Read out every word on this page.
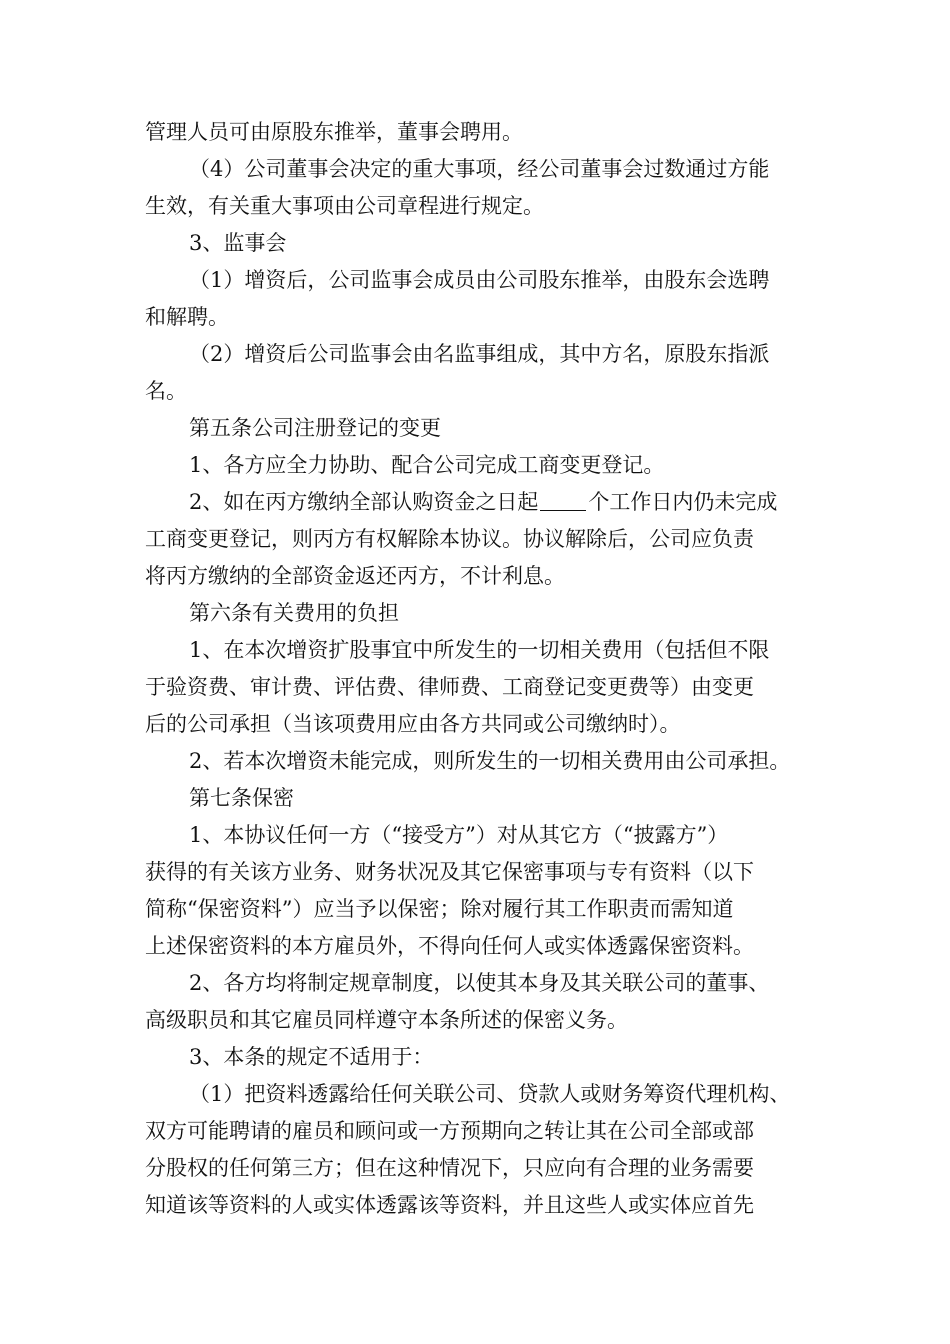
管理人员可由原股东推举，董事会聘用。
（4）公司董事会决定的重大事项，经公司董事会过数通过方能
生效，有关重大事项由公司章程进行规定。
3、监事会
（1）增资后，公司监事会成员由公司股东推举，由股东会选聘
和解聘。
（2）增资后公司监事会由名监事组成，其中方名，原股东指派
名。
第五条公司注册登记的变更
1、各方应全力协助、配合公司完成工商变更登记。
2、如在丙方缴纳全部认购资金之日起 个工作日内仍未完成
工商变更登记，则丙方有权解除本协议。协议解除后，公司应负责
将丙方缴纳的全部资金返还丙方，不计利息。
第六条有关费用的负担
1、在本次增资扩股事宜中所发生的一切相关费用（包括但不限
于验资费、审计费、评估费、律师费、工商登记变更费等）由变更
后的公司承担（当该项费用应由各方共同或公司缴纳时）。
2、若本次增资未能完成，则所发生的一切相关费用由公司承担。
第七条保密
1、本协议任何一方（“接受方”）对从其它方（“披露方”）
获得的有关该方业务、财务状况及其它保密事项与专有资料（以下
简称“保密资料”）应当予以保密；除对履行其工作职责而需知道
上述保密资料的本方雇员外，不得向任何人或实体透露保密资料。
2、各方均将制定规章制度，以使其本身及其关联公司的董事、
高级职员和其它雇员同样遵守本条所述的保密义务。
3、本条的规定不适用于：
（1）把资料透露给任何关联公司、贷款人或财务筹资代理机构、
双方可能聘请的雇员和顾问或一方预期向之转让其在公司全部或部
分股权的任何第三方；但在这种情况下，只应向有合理的业务需要
知道该等资料的人或实体透露该等资料，并且这些人或实体应首先
